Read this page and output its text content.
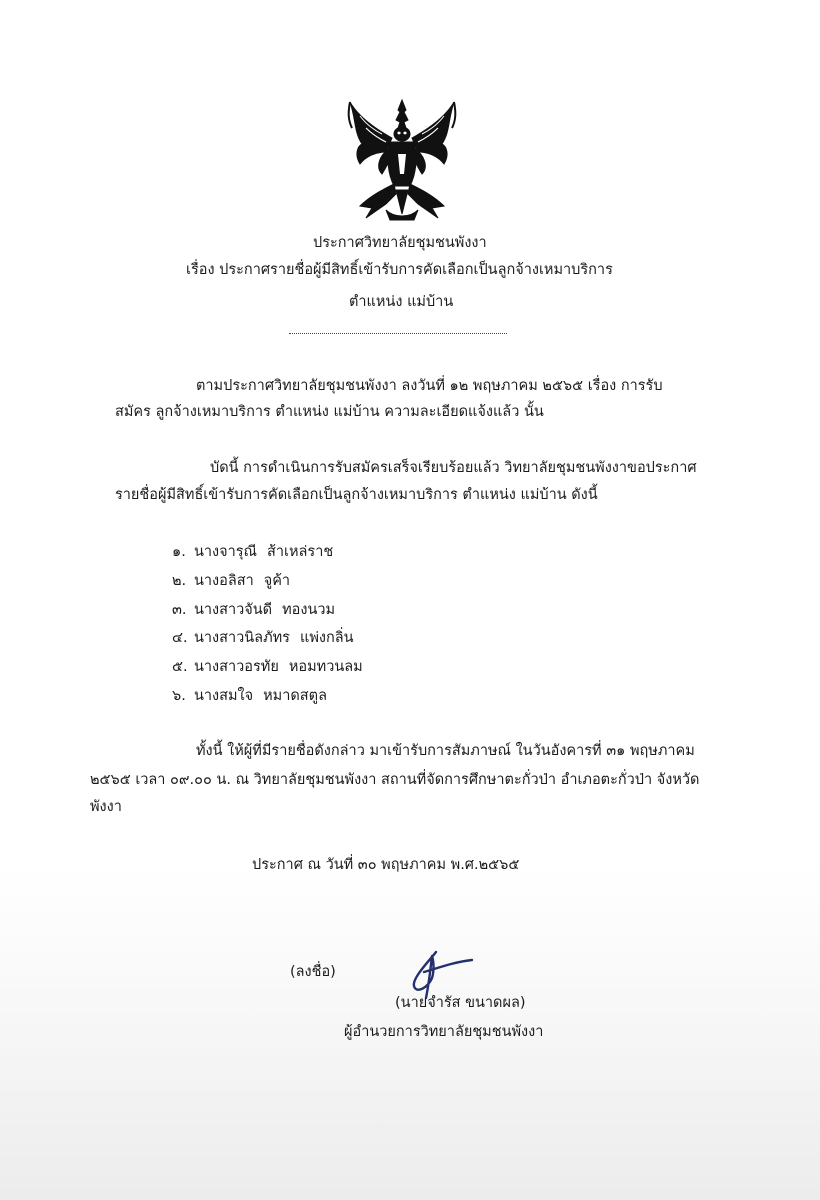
ประกาศวิทยาลัยชุมชนพังงา
เรื่อง ประกาศรายชื่อผู้มีสิทธิ์เข้ารับการคัดเลือกเป็นลูกจ้างเหมาบริการ
ตำแหน่ง แม่บ้าน
ตามประกาศวิทยาลัยชุมชนพังงา ลงวันที่ ๑๒ พฤษภาคม ๒๕๖๕ เรื่อง การรับ
สมัคร ลูกจ้างเหมาบริการ ตำแหน่ง แม่บ้าน ความละเอียดแจ้งแล้ว นั้น
บัดนี้ การดำเนินการรับสมัครเสร็จเรียบร้อยแล้ว วิทยาลัยชุมชนพังงาขอประกาศ
รายชื่อผู้มีสิทธิ์เข้ารับการคัดเลือกเป็นลูกจ้างเหมาบริการ ตำแหน่ง แม่บ้าน ดังนี้
๑. นางจารุณี ส้าเหล่ราช
๒. นางอลิสา จูค้า
๓. นางสาวจันดี ทองนวม
๔. นางสาวนิลภัทร แพ่งกลิ่น
๕. นางสาวอรทัย หอมทวนลม
๖. นางสมใจ หมาดสตูล
ทั้งนี้ ให้ผู้ที่มีรายชื่อดังกล่าว มาเข้ารับการสัมภาษณ์ ในวันอังคารที่ ๓๑ พฤษภาคม
๒๕๖๕ เวลา ๐๙.๐๐ น. ณ วิทยาลัยชุมชนพังงา สถานที่จัดการศึกษาตะกั่วป่า อำเภอตะกั่วป่า จังหวัด
พังงา
ประกาศ ณ วันที่ ๓๐ พฤษภาคม พ.ศ.๒๕๖๕
(ลงชื่อ)
(นายจำรัส ขนาดผล)
ผู้อำนวยการวิทยาลัยชุมชนพังงา
